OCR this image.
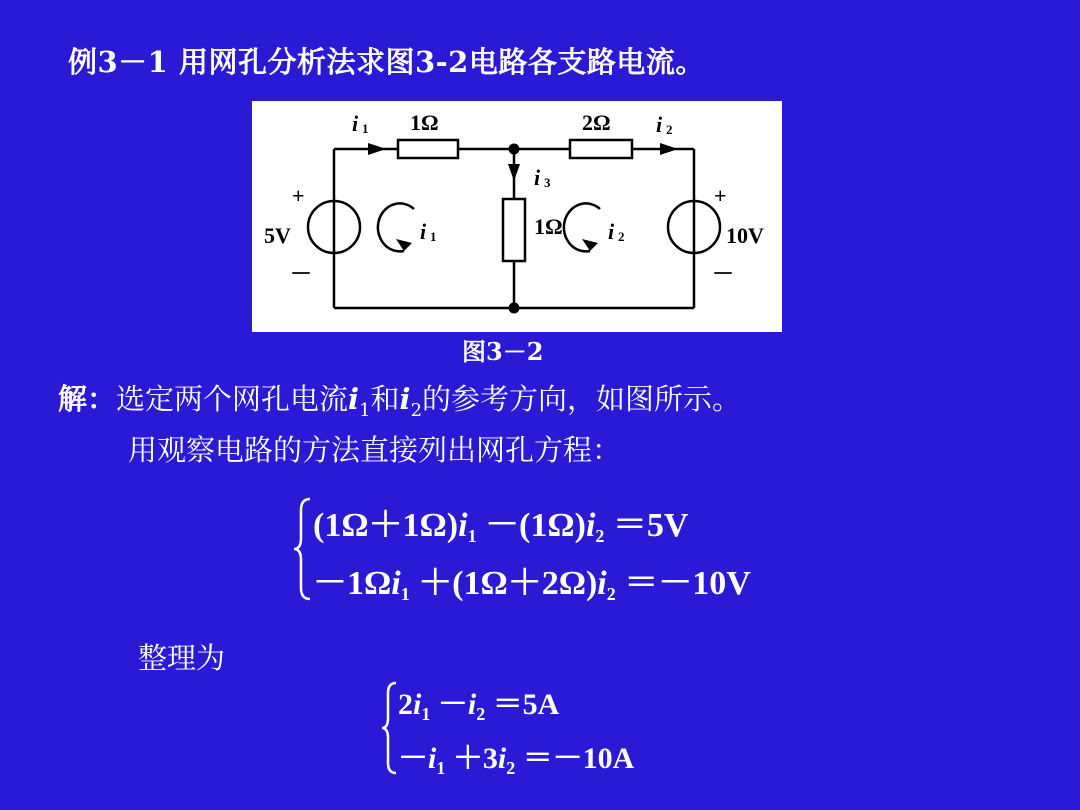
例3－1 用网孔分析法求图3-2电路各支路电流。
i 1 1Ω	2Ω i 2
i 3
1Ω
5V	10V
+	+
－	－
i 1	i 2
图3－2
解：选定两个网孔电流$i_1$和$i_2$的参考方向，如图所示。
用观察电路的方法直接列出网孔方程：
$(1\Omega+1\Omega)i_1 -(1\Omega)i_2 =5V$
$-1\Omega i_1 +(1\Omega+2\Omega)i_2 =-10V$
整理为
$2i_1 -i_2 =5A$
$-i_1 +3i_2 =-10A$
